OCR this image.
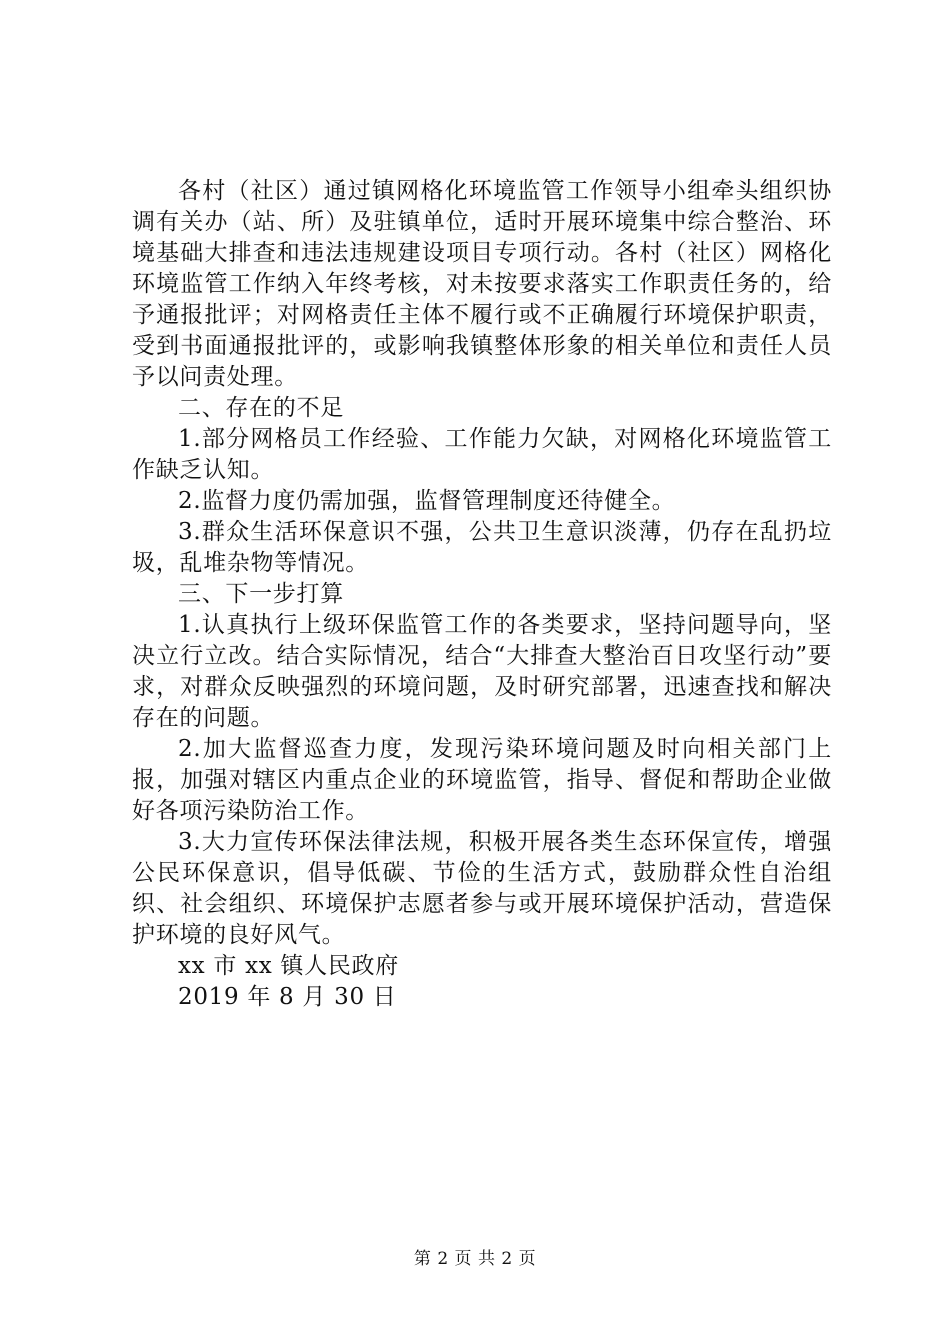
各村（社区）通过镇网格化环境监管工作领导小组牵头组织协调有关办（站、所）及驻镇单位，适时开展环境集中综合整治、环境基础大排查和违法违规建设项目专项行动。各村（社区）网格化环境监管工作纳入年终考核，对未按要求落实工作职责任务的，给予通报批评；对网格责任主体不履行或不正确履行环境保护职责，受到书面通报批评的，或影响我镇整体形象的相关单位和责任人员予以问责处理。

二、存在的不足

1.部分网格员工作经验、工作能力欠缺，对网格化环境监管工作缺乏认知。

2.监督力度仍需加强，监督管理制度还待健全。

3.群众生活环保意识不强，公共卫生意识淡薄，仍存在乱扔垃圾，乱堆杂物等情况。

三、下一步打算

1.认真执行上级环保监管工作的各类要求，坚持问题导向，坚决立行立改。结合实际情况，结合“大排查大整治百日攻坚行动”要求，对群众反映强烈的环境问题，及时研究部署，迅速查找和解决存在的问题。

2.加大监督巡查力度，发现污染环境问题及时向相关部门上报，加强对辖区内重点企业的环境监管，指导、督促和帮助企业做好各项污染防治工作。

3.大力宣传环保法律法规，积极开展各类生态环保宣传，增强公民环保意识，倡导低碳、节俭的生活方式，鼓励群众性自治组织、社会组织、环境保护志愿者参与或开展环境保护活动，营造保护环境的良好风气。

xx 市 xx 镇人民政府

2019 年 8 月 30 日

第 2 页 共 2 页
